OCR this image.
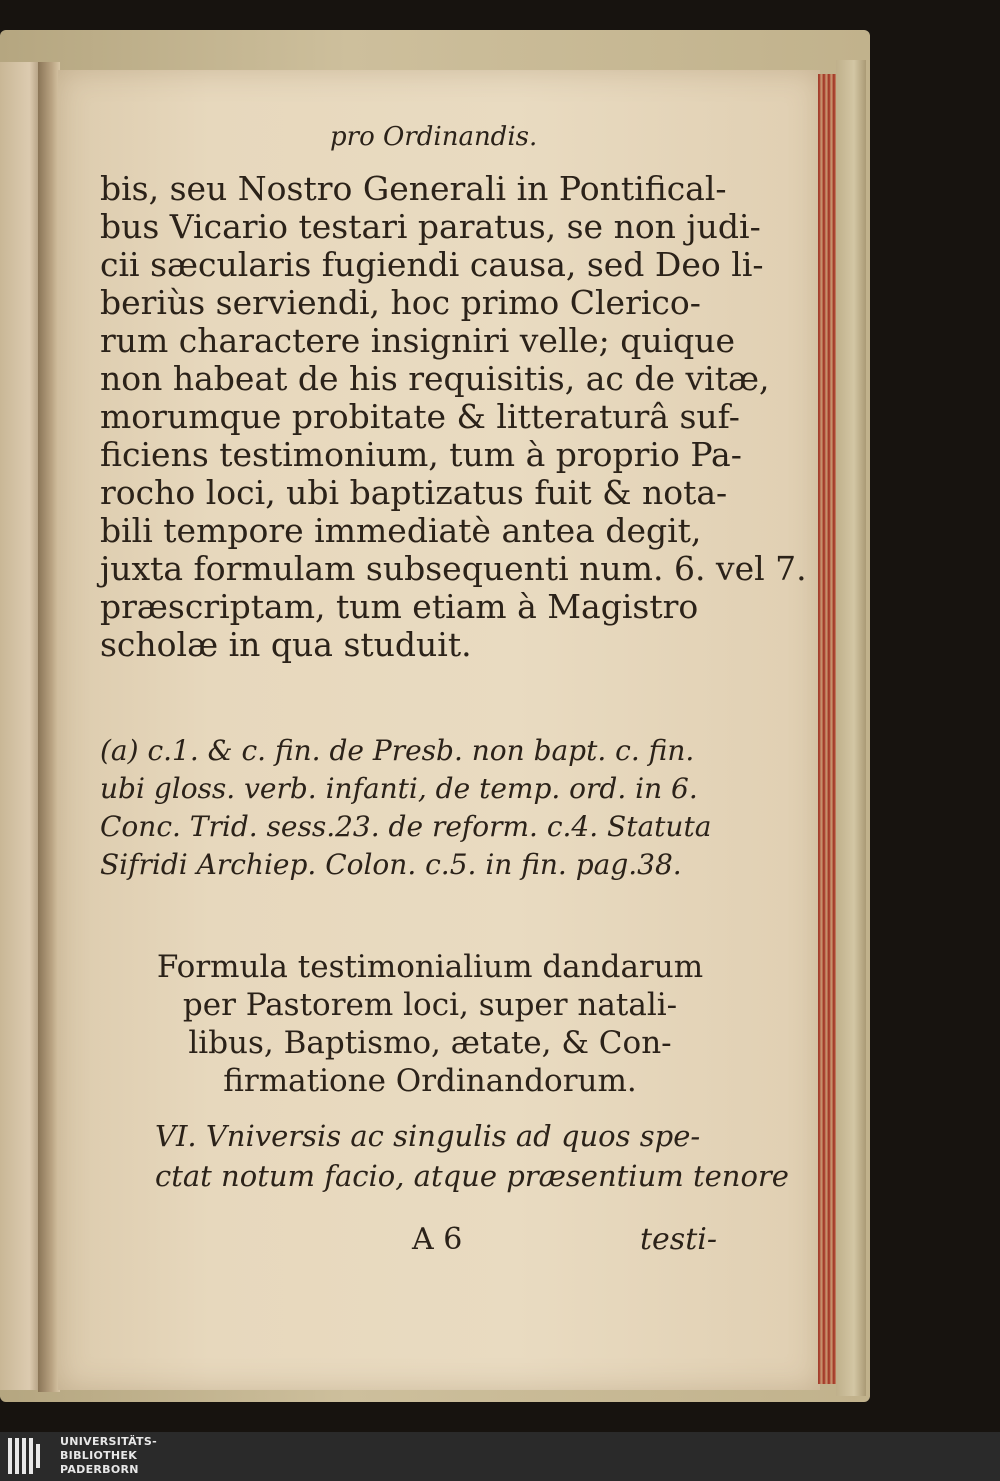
pro Ordinandis.
bis, seu Nostro Generali in Pontifical-
bus Vicario testari paratus, se non judi-
cii sæcularis fugiendi causa, sed Deo li-
beriùs serviendi, hoc primo Clerico-
rum charactere insigniri velle; quique
non habeat de his requisitis, ac de vitæ,
morumque probitate & litteraturâ suf-
ficiens testimonium, tum à proprio Pa-
rocho loci, ubi baptizatus fuit & nota-
bili tempore immediatè antea degit,
juxta formulam subsequenti num. 6. vel 7.
præscriptam, tum etiam à Magistro
scholæ in qua studuit.
(a) c.1. & c. fin. de Presb. non bapt. c. fin.
ubi gloss. verb. infanti, de temp. ord. in 6.
Conc. Trid. sess.23. de reform. c.4. Statuta
Sifridi Archiep. Colon. c.5. in fin. pag.38.
Formula testimonialium dandarum
per Pastorem loci, super natali-
libus, Baptismo, ætate, & Con-
firmatione Ordinandorum.
VI. Vniversis ac singulis ad quos spe-
ctat notum facio, atque præsentium tenore
A 6	testi-
UNIVERSITÄTS-
BIBLIOTHEK
PADERBORN
